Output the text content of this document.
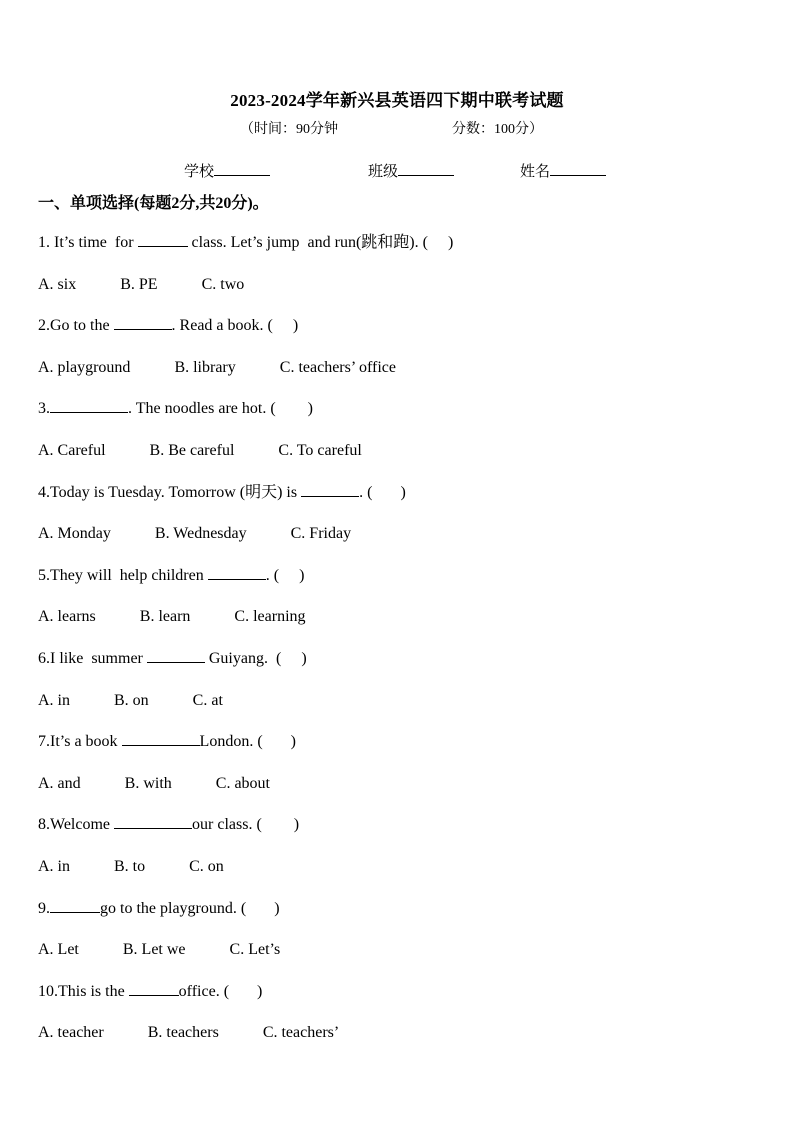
2023-2024学年新兴县英语四下期中联考试题
（时间：90分钟	分数：100分）
学校	班级	姓名
一、单项选择(每题2分,共20分)。
1. It’s time  for	class. Let’s jump  and run(跳和跑). (     )
A. six	B. PE	C. two
2.Go to the	. Read a book. (     )
A. playground	B. library	C. teachers’ office
3.	. The noodles are hot. (        )
A. Careful	B. Be careful	C. To careful
4.Today is Tuesday. Tomorrow (明天) is	. (       )
A. Monday	B. Wednesday	C. Friday
5.They will  help children	. (     )
A. learns	B. learn	C. learning
6.I like  summer	Guiyang.  (     )
A. in	B. on	C. at
7.It’s a book	London. (       )
A. and	B. with	C. about
8.Welcome	our class. (        )
A. in	B. to	C. on
9.	go to the playground. (       )
A. Let	B. Let we	C. Let’s
10.This is the	office. (       )
A. teacher	B. teachers	C. teachers’
